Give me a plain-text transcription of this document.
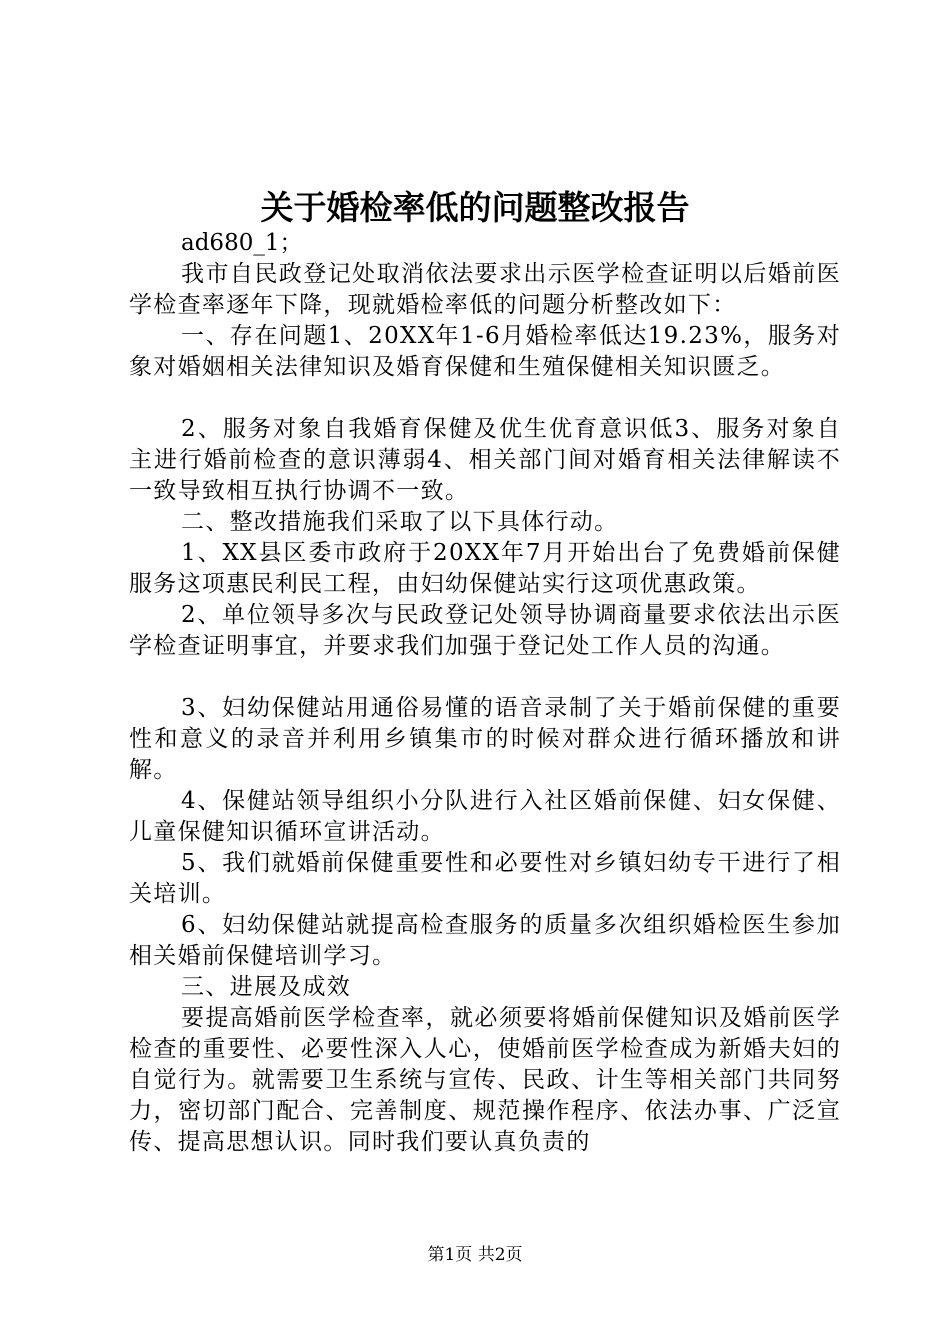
关于婚检率低的问题整改报告

ad680_1；

我市自民政登记处取消依法要求出示医学检查证明以后婚前医学检查率逐年下降，现就婚检率低的问题分析整改如下：

一、存在问题1、20XX年1-6月婚检率低达19.23%，服务对象对婚姻相关法律知识及婚育保健和生殖保健相关知识匮乏。

2、服务对象自我婚育保健及优生优育意识低3、服务对象自主进行婚前检查的意识薄弱4、相关部门间对婚育相关法律解读不一致导致相互执行协调不一致。

二、整改措施我们采取了以下具体行动。

1、XX县区委市政府于20XX年7月开始出台了免费婚前保健服务这项惠民利民工程，由妇幼保健站实行这项优惠政策。

2、单位领导多次与民政登记处领导协调商量要求依法出示医学检查证明事宜，并要求我们加强于登记处工作人员的沟通。

3、妇幼保健站用通俗易懂的语音录制了关于婚前保健的重要性和意义的录音并利用乡镇集市的时候对群众进行循环播放和讲解。

4、保健站领导组织小分队进行入社区婚前保健、妇女保健、儿童保健知识循环宣讲活动。

5、我们就婚前保健重要性和必要性对乡镇妇幼专干进行了相关培训。

6、妇幼保健站就提高检查服务的质量多次组织婚检医生参加相关婚前保健培训学习。

三、进展及成效

要提高婚前医学检查率，就必须要将婚前保健知识及婚前医学检查的重要性、必要性深入人心，使婚前医学检查成为新婚夫妇的自觉行为。就需要卫生系统与宣传、民政、计生等相关部门共同努力，密切部门配合、完善制度、规范操作程序、依法办事、广泛宣传、提高思想认识。同时我们要认真负责的

第1页 共2页
